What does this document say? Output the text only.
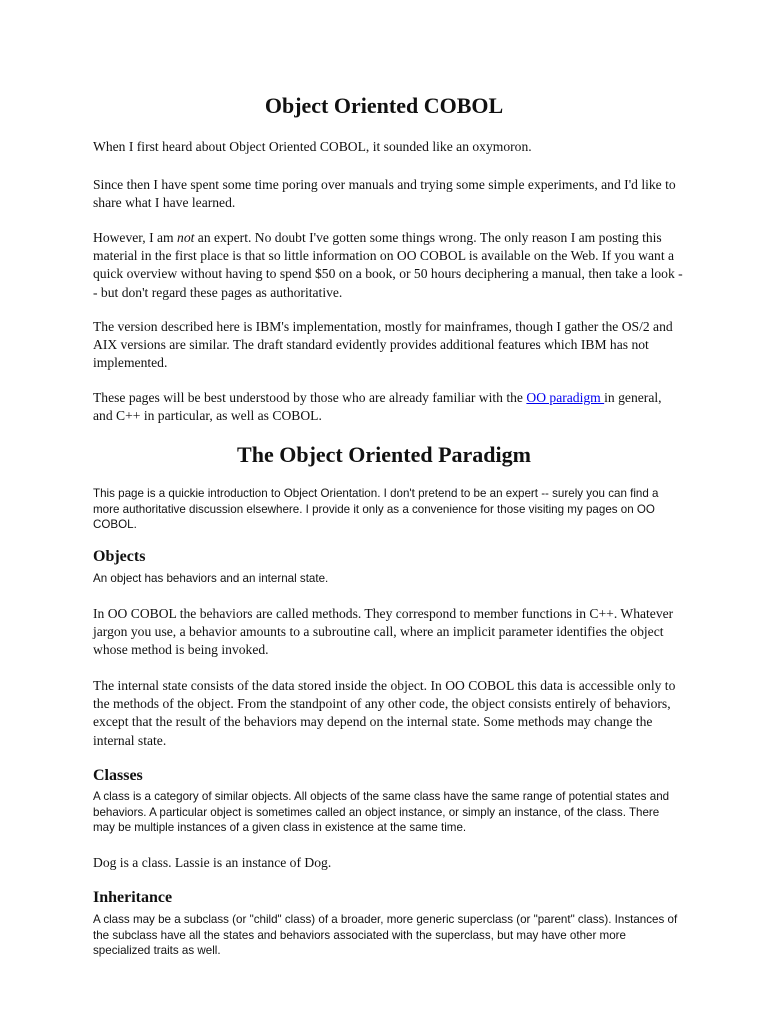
Object Oriented COBOL

When I first heard about Object Oriented COBOL, it sounded like an oxymoron.

Since then I have spent some time poring over manuals and trying some simple experiments, and I'd like to share what I have learned.

However, I am not an expert. No doubt I've gotten some things wrong. The only reason I am posting this material in the first place is that so little information on OO COBOL is available on the Web. If you want a quick overview without having to spend $50 on a book, or 50 hours deciphering a manual, then take a look -- but don't regard these pages as authoritative.

The version described here is IBM's implementation, mostly for mainframes, though I gather the OS/2 and AIX versions are similar. The draft standard evidently provides additional features which IBM has not implemented.

These pages will be best understood by those who are already familiar with the OO paradigm in general, and C++ in particular, as well as COBOL.

The Object Oriented Paradigm

This page is a quickie introduction to Object Orientation. I don't pretend to be an expert -- surely you can find a more authoritative discussion elsewhere. I provide it only as a convenience for those visiting my pages on OO COBOL.

Objects

An object has behaviors and an internal state.

In OO COBOL the behaviors are called methods. They correspond to member functions in C++. Whatever jargon you use, a behavior amounts to a subroutine call, where an implicit parameter identifies the object whose method is being invoked.

The internal state consists of the data stored inside the object. In OO COBOL this data is accessible only to the methods of the object. From the standpoint of any other code, the object consists entirely of behaviors, except that the result of the behaviors may depend on the internal state. Some methods may change the internal state.

Classes

A class is a category of similar objects. All objects of the same class have the same range of potential states and behaviors. A particular object is sometimes called an object instance, or simply an instance, of the class. There may be multiple instances of a given class in existence at the same time.

Dog is a class. Lassie is an instance of Dog.

Inheritance

A class may be a subclass (or "child" class) of a broader, more generic superclass (or "parent" class). Instances of the subclass have all the states and behaviors associated with the superclass, but may have other more specialized traits as well.
